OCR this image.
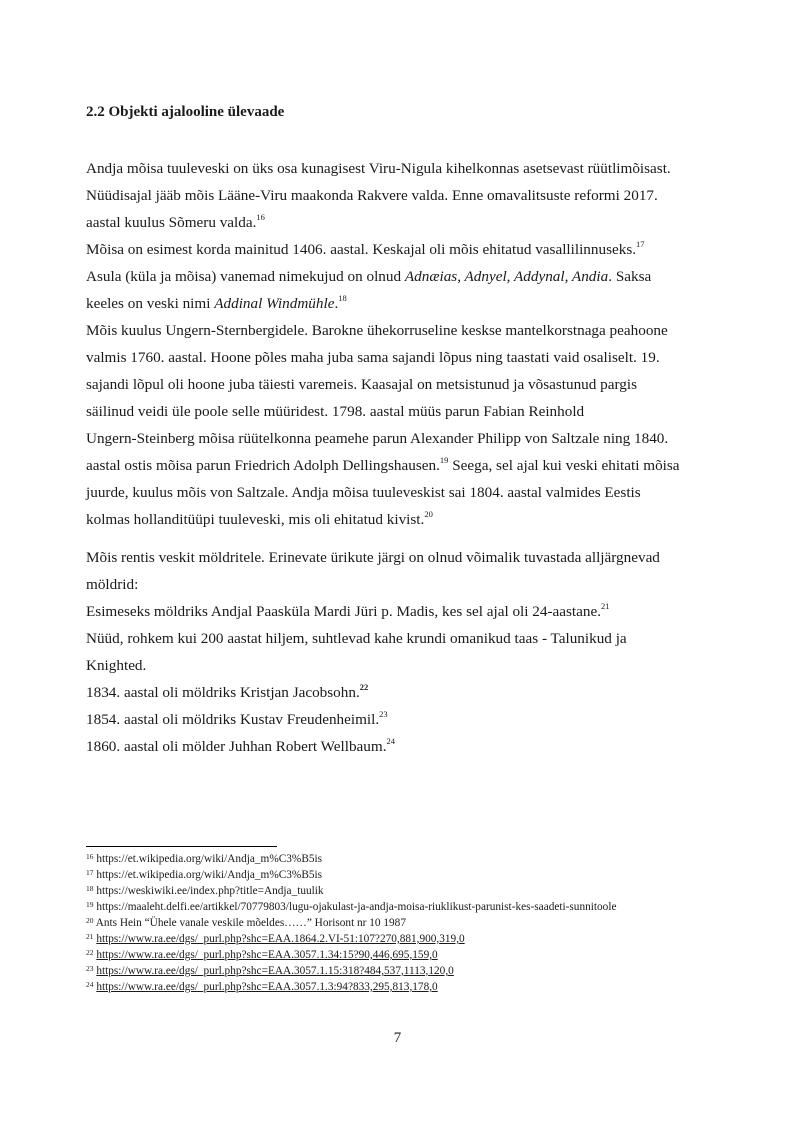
2.2 Objekti ajalooline ülevaade
Andja mõisa tuuleveski on üks osa kunagisest Viru-Nigula kihelkonnas asetsevast rüütlimõisast.
Nüüdisajal jääb mõis Lääne-Viru maakonda Rakvere valda. Enne omavalitsuste reformi 2017.
aastal kuulus Sõmeru valda.$^{16}$
Mõisa on esimest korda mainitud 1406. aastal. Keskajal oli mõis ehitatud vasallilinnuseks.$^{17}$
Asula (küla ja mõisa) vanemad nimekujud on olnud Adnæias, Adnyel, Addynal, Andia. Saksa
keeles on veski nimi Addinal Windmühle.$^{18}$
Mõis kuulus Ungern-Sternbergidele. Barokne ühekorruseline keskse mantelkorstnaga peahoone
valmis 1760. aastal. Hoone põles maha juba sama sajandi lõpus ning taastati vaid osaliselt. 19.
sajandi lõpul oli hoone juba täiesti varemeis. Kaasajal on metsistunud ja võsastunud pargis
säilinud veidi üle poole selle müüridest. 1798. aastal müüs parun Fabian Reinhold
Ungern-Steinberg mõisa rüütelkonna peamehe parun Alexander Philipp von Saltzale ning 1840.
aastal ostis mõisa parun Friedrich Adolph Dellingshausen.$^{19}$ Seega, sel ajal kui veski ehitati mõisa
juurde, kuulus mõis von Saltzale. Andja mõisa tuuleveskist sai 1804. aastal valmides Eestis
kolmas hollanditüüpi tuuleveski, mis oli ehitatud kivist.$^{20}$
Mõis rentis veskit möldritele. Erinevate ürikute järgi on olnud võimalik tuvastada alljärgnevad
möldrid:
Esimeseks möldriks Andjal Paasküla Mardi Jüri p. Madis, kes sel ajal oli 24-aastane.$^{21}$
Nüüd, rohkem kui 200 aastat hiljem, suhtlevad kahe krundi omanikud taas - Talunikud ja
Knighted.
1834. aastal oli möldriks Kristjan Jacobsohn.$^{22}$
1854. aastal oli möldriks Kustav Freudenheimil.$^{23}$
1860. aastal oli mölder Juhhan Robert Wellbaum.$^{24}$
$^{16}$ https://et.wikipedia.org/wiki/Andja_m%C3%B5is
$^{17}$ https://et.wikipedia.org/wiki/Andja_m%C3%B5is
$^{18}$ https://weskiwiki.ee/index.php?title=Andja_tuulik
$^{19}$ https://maaleht.delfi.ee/artikkel/70779803/lugu-ojakulast-ja-andja-moisa-riuklikust-parunist-kes-saadeti-sunnitoole
$^{20}$ Ants Hein “Ühele vanale veskile mõeldes……” Horisont nr 10 1987
$^{21}$ https://www.ra.ee/dgs/_purl.php?shc=EAA.1864.2.VI-51:107?270,881,900,319,0
$^{22}$ https://www.ra.ee/dgs/_purl.php?shc=EAA.3057.1.34:15?90,446,695,159,0
$^{23}$ https://www.ra.ee/dgs/_purl.php?shc=EAA.3057.1.15:318?484,537,1113,120,0
$^{24}$ https://www.ra.ee/dgs/_purl.php?shc=EAA.3057.1.3:94?833,295,813,178,0
7
